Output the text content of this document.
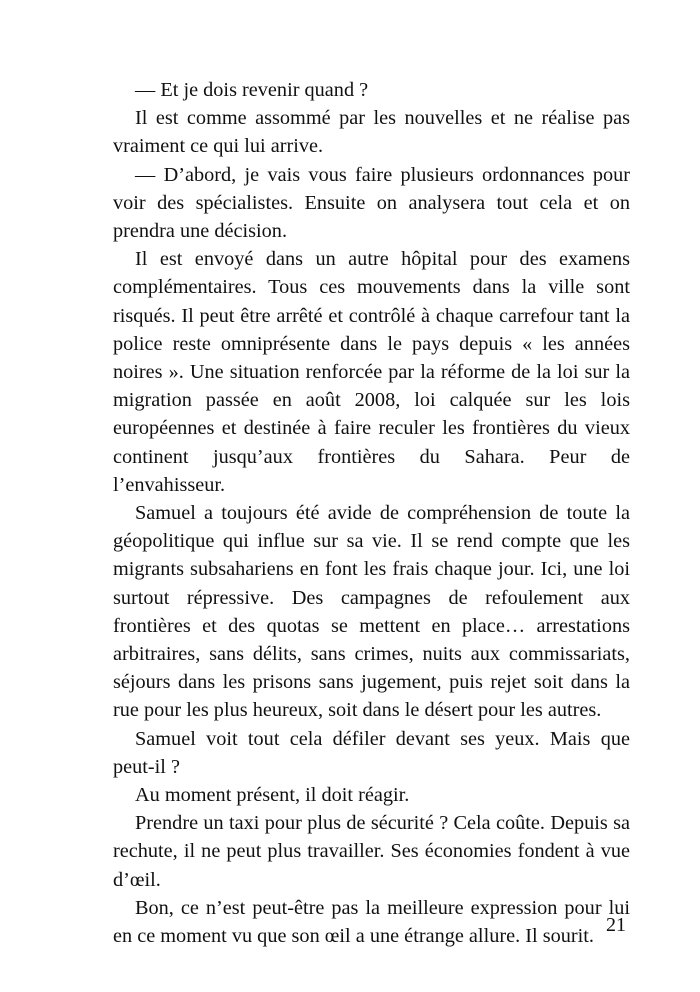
— Et je dois revenir quand ?

Il est comme assommé par les nouvelles et ne réalise pas vraiment ce qui lui arrive.

— D’abord, je vais vous faire plusieurs ordonnances pour voir des spécialistes. Ensuite on analysera tout cela et on prendra une décision.

Il est envoyé dans un autre hôpital pour des examens complémentaires. Tous ces mouvements dans la ville sont risqués. Il peut être arrêté et contrôlé à chaque carrefour tant la police reste omniprésente dans le pays depuis « les années noires ». Une situation renforcée par la réforme de la loi sur la migration passée en août 2008, loi calquée sur les lois européennes et destinée à faire reculer les frontières du vieux continent jusqu’aux frontières du Sahara. Peur de l’envahisseur.

Samuel a toujours été avide de compréhension de toute la géopolitique qui influe sur sa vie. Il se rend compte que les migrants subsahariens en font les frais chaque jour. Ici, une loi surtout répressive. Des campagnes de refoulement aux frontières et des quotas se mettent en place… arrestations arbitraires, sans délits, sans crimes, nuits aux commissariats, séjours dans les prisons sans jugement, puis rejet soit dans la rue pour les plus heureux, soit dans le désert pour les autres.

Samuel voit tout cela défiler devant ses yeux. Mais que peut-il ?

Au moment présent, il doit réagir.

Prendre un taxi pour plus de sécurité ? Cela coûte. Depuis sa rechute, il ne peut plus travailler. Ses économies fondent à vue d’œil.

Bon, ce n’est peut-être pas la meilleure expression pour lui en ce moment vu que son œil a une étrange allure. Il sourit.

21
